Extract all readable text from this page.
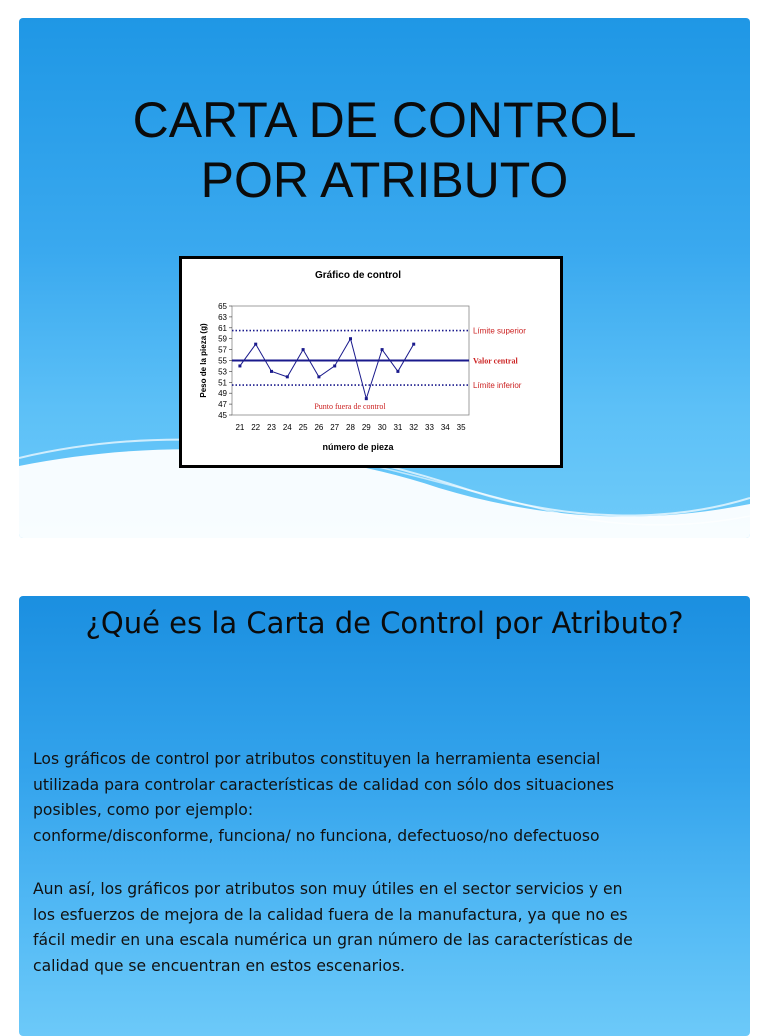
CARTA DE CONTROL
POR ATRIBUTO
Gráfico de control
45
47
49
51
53
55
57
59
61
63
65
21 22 23 24 25 26 27 28 29 30 31 32 33 34 35
número de pieza
Peso de la pieza (g)	Límite superior
Valor central
Límite inferior
Punto fuera de control
¿Qué es la Carta de Control por Atributo?

Los gráficos de control por atributos constituyen la herramienta esencial
utilizada para controlar características de calidad con sólo dos situaciones
posibles, como por ejemplo:
conforme/disconforme, funciona/ no funciona, defectuoso/no defectuoso

Aun así, los gráficos por atributos son muy útiles en el sector servicios y en
los esfuerzos de mejora de la calidad fuera de la manufactura, ya que no es
fácil medir en una escala numérica un gran número de las características de
calidad que se encuentran en estos escenarios.
